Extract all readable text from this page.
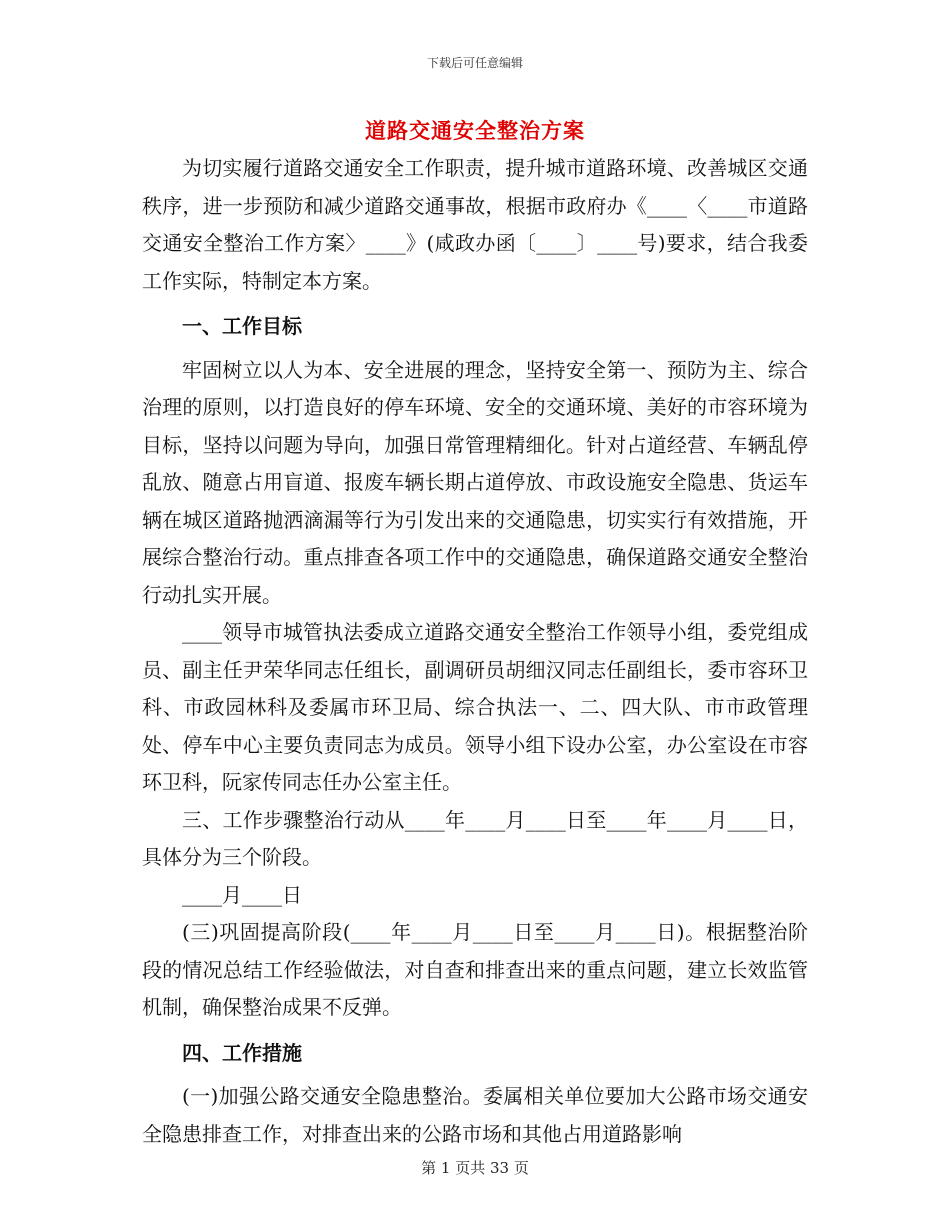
下载后可任意编辑
道路交通安全整治方案

为切实履行道路交通安全工作职责，提升城市道路环境、改善城区交通秩序，进一步预防和减少道路交通事故，根据市政府办《____〈____市道路交通安全整治工作方案〉____》(咸政办函〔____〕____号)要求，结合我委工作实际，特制定本方案。

一、工作目标

牢固树立以人为本、安全进展的理念，坚持安全第一、预防为主、综合治理的原则，以打造良好的停车环境、安全的交通环境、美好的市容环境为目标，坚持以问题为导向，加强日常管理精细化。针对占道经营、车辆乱停乱放、随意占用盲道、报废车辆长期占道停放、市政设施安全隐患、货运车辆在城区道路抛洒滴漏等行为引发出来的交通隐患，切实实行有效措施，开展综合整治行动。重点排查各项工作中的交通隐患，确保道路交通安全整治行动扎实开展。

____领导市城管执法委成立道路交通安全整治工作领导小组，委党组成员、副主任尹荣华同志任组长，副调研员胡细汉同志任副组长，委市容环卫科、市政园林科及委属市环卫局、综合执法一、二、四大队、市市政管理处、停车中心主要负责同志为成员。领导小组下设办公室，办公室设在市容环卫科，阮家传同志任办公室主任。

三、工作步骤整治行动从____年____月____日至____年____月____日，具体分为三个阶段。

____月____日

(三)巩固提高阶段(____年____月____日至____月____日)。根据整治阶段的情况总结工作经验做法，对自查和排查出来的重点问题，建立长效监管机制，确保整治成果不反弹。

四、工作措施

(一)加强公路交通安全隐患整治。委属相关单位要加大公路市场交通安全隐患排查工作，对排查出来的公路市场和其他占用道路影响

第 1 页共 33 页
